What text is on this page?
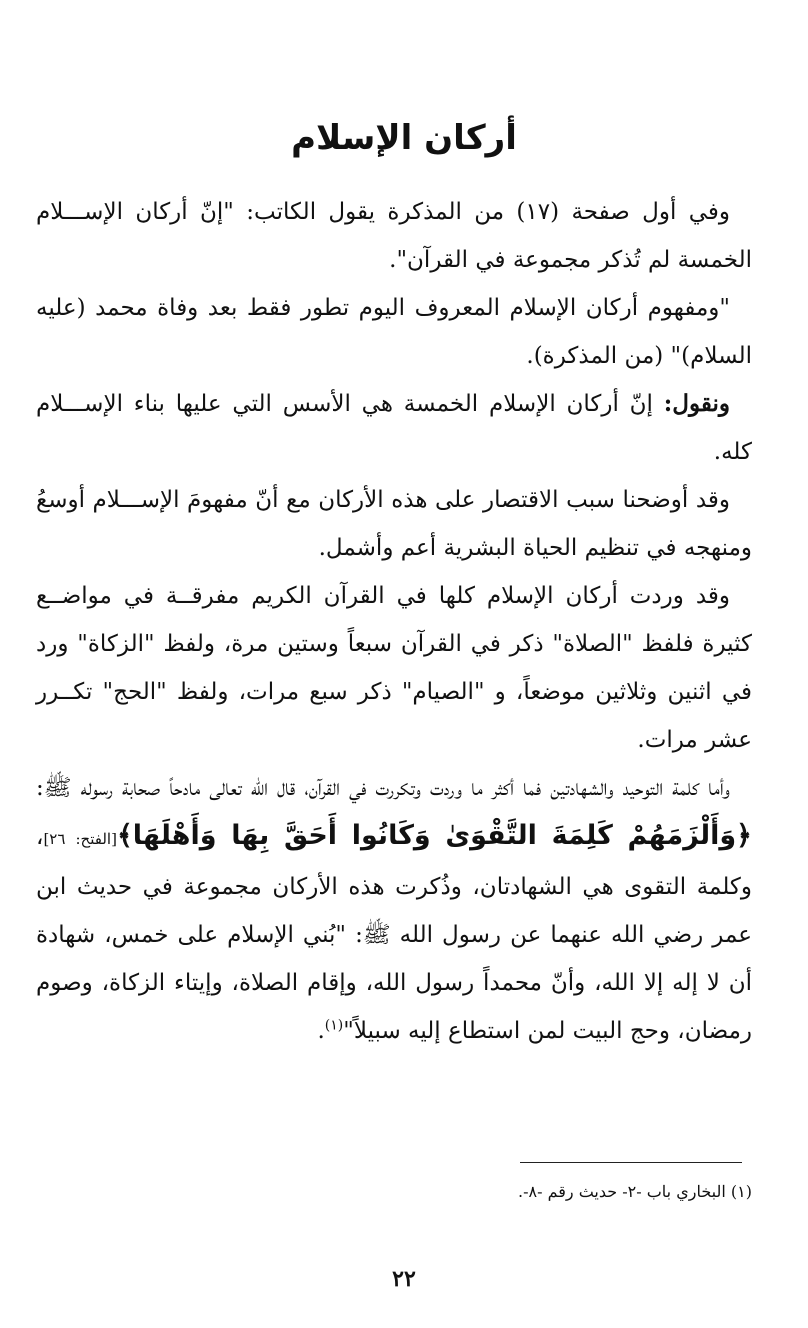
أركان الإسلام

وفي أول صفحة (١٧) من المذكرة يقول الكاتب: "إنّ أركان الإســـلام الخمسة لم تُذكر مجموعة في القرآن".

"ومفهوم أركان الإسلام المعروف اليوم تطور فقط بعد وفاة محمد (عليه السلام)" (من المذكرة).

ونقول: إنّ أركان الإسلام الخمسة هي الأسس التي عليها بناء الإســـلام كله.

وقد أوضحنا سبب الاقتصار على هذه الأركان مع أنّ مفهومَ الإســـلام أوسعُ ومنهجه في تنظيم الحياة البشرية أعم وأشمل.

وقد وردت أركان الإسلام كلها في القرآن الكريم مفرقــة في مواضــع كثيرة فلفظ "الصلاة" ذكر في القرآن سبعاً وستين مرة، ولفظ "الزكاة" ورد في اثنين وثلاثين موضعاً، و "الصيام" ذكر سبع مرات، ولفظ "الحج" تكــرر عشر مرات.

وأما كلمة التوحيد والشهادتين فما أكثر ما وردت وتكررت في القرآن، قال الله تعالى مادحاً صحابة رسوله ﷺ:﴿وَأَلْزَمَهُمْ كَلِمَةَ التَّقْوَىٰ وَكَانُوا أَحَقَّ بِهَا وَأَهْلَهَا﴾[الفتح: ٢٦]، وكلمة التقوى هي الشهادتان، وذُكرت هذه الأركان مجموعة في حديث ابن عمر رضي الله عنهما عن رسول الله ﷺ: "بُني الإسلام على خمس، شهادة أن لا إله إلا الله، وأنّ محمداً رسول الله، وإقام الصلاة، وإيتاء الزكاة، وصوم رمضان، وحج البيت لمن استطاع إليه سبيلاً"$^{(١)}$.

(١) البخاري باب -٢- حديث رقم -٨-.

٢٢
